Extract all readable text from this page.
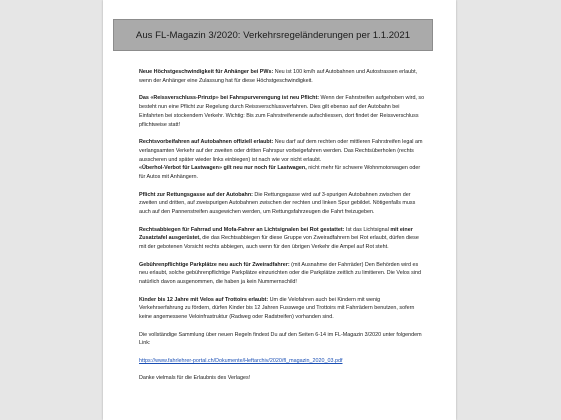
Aus FL-Magazin 3/2020: Verkehrsregeländerungen per 1.1.2021

Neue Höchstgeschwindigkeit für Anhänger bei PWs: Neu ist 100 km/h auf Autobahnen und Autostrassen erlaubt, wenn der Anhänger eine Zulassung hat für diese Höchstgeschwindigkeit.

Das «Reissverschluss-Prinzip» bei Fahrspurverengung ist neu Pflicht: Wenn der Fahrstreifen aufgehoben wird, so besteht nun eine Pflicht zur Regelung durch Reissverschlussverfahren. Dies gilt ebenso auf der Autobahn bei Einfahrten bei stockendem Verkehr. Wichtig: Bis zum Fahrstreifenende aufschliessen, dort findet der Reissverschluss pflichtweise statt!

Rechtsvorbeifahren auf Autobahnen offiziell erlaubt: Neu darf auf dem rechten oder mittleren Fahrstreifen legal am verlangsamten Verkehr auf der zweiten oder dritten Fahrspur vorbeigefahren werden. Das Rechtsüberholen (rechts ausscheren und später wieder links einbiegen) ist nach wie vor nicht erlaubt.
«Überhol-Verbot für Lastwagen» gilt neu nur noch für Lastwagen, nicht mehr für schwere Wohnmotorwagen oder für Autos mit Anhängern.

Pflicht zur Rettungsgasse auf der Autobahn: Die Rettungsgasse wird auf 3-spurigen Autobahnen zwischen der zweiten und dritten, auf zweispurigen Autobahnen zwischen der rechten und linken Spur gebildet. Nötigenfalls muss auch auf den Pannenstreifen ausgewichen werden, um Rettungsfahrzeugen die Fahrt freizugeben.

Rechtsabbiegen für Fahrrad und Mofa-Fahrer an Lichtsignalen bei Rot gestattet: Ist das Lichtsignal mit einer Zusatztafel ausgerüstet, die das Rechtsabbiegen für diese Gruppe von Zweiradfahrern bei Rot erlaubt, dürfen diese mit der gebotenen Vorsicht rechts abbiegen, auch wenn für den übrigen Verkehr die Ampel auf Rot steht.

Gebührenpflichtige Parkplätze neu auch für Zweiradfahrer: (mit Ausnahme der Fahrräder) Den Behörden wird es neu erlaubt, solche gebührenpflichtige Parkplätze einzurichten oder die Parkplätze zeitlich zu limitieren. Die Velos sind natürlich davon ausgenommen, die haben ja kein Nummernschild!

Kinder bis 12 Jahre mit Velos auf Trottoirs erlaubt: Um die Velofahren auch bei Kindern mit wenig Verkehrserfahrung zu fördern, dürfen Kinder bis 12 Jahren Fusswege und Trottoirs mit Fahrrädern benutzen, sofern keine angemessene Veloinfrastruktur (Radweg oder Radstreifen) vorhanden sind.

Die vollständige Sammlung über neuen Regeln findest Du auf den Seiten 6-14 im FL-Magazin 3/2020 unter folgendem Link:

https://www.fahrlehrer-portal.ch/Dokumente/Heftarchiv/2020/fl_magazin_2020_03.pdf

Danke vielmals für die Erlaubnis des Verlages!
